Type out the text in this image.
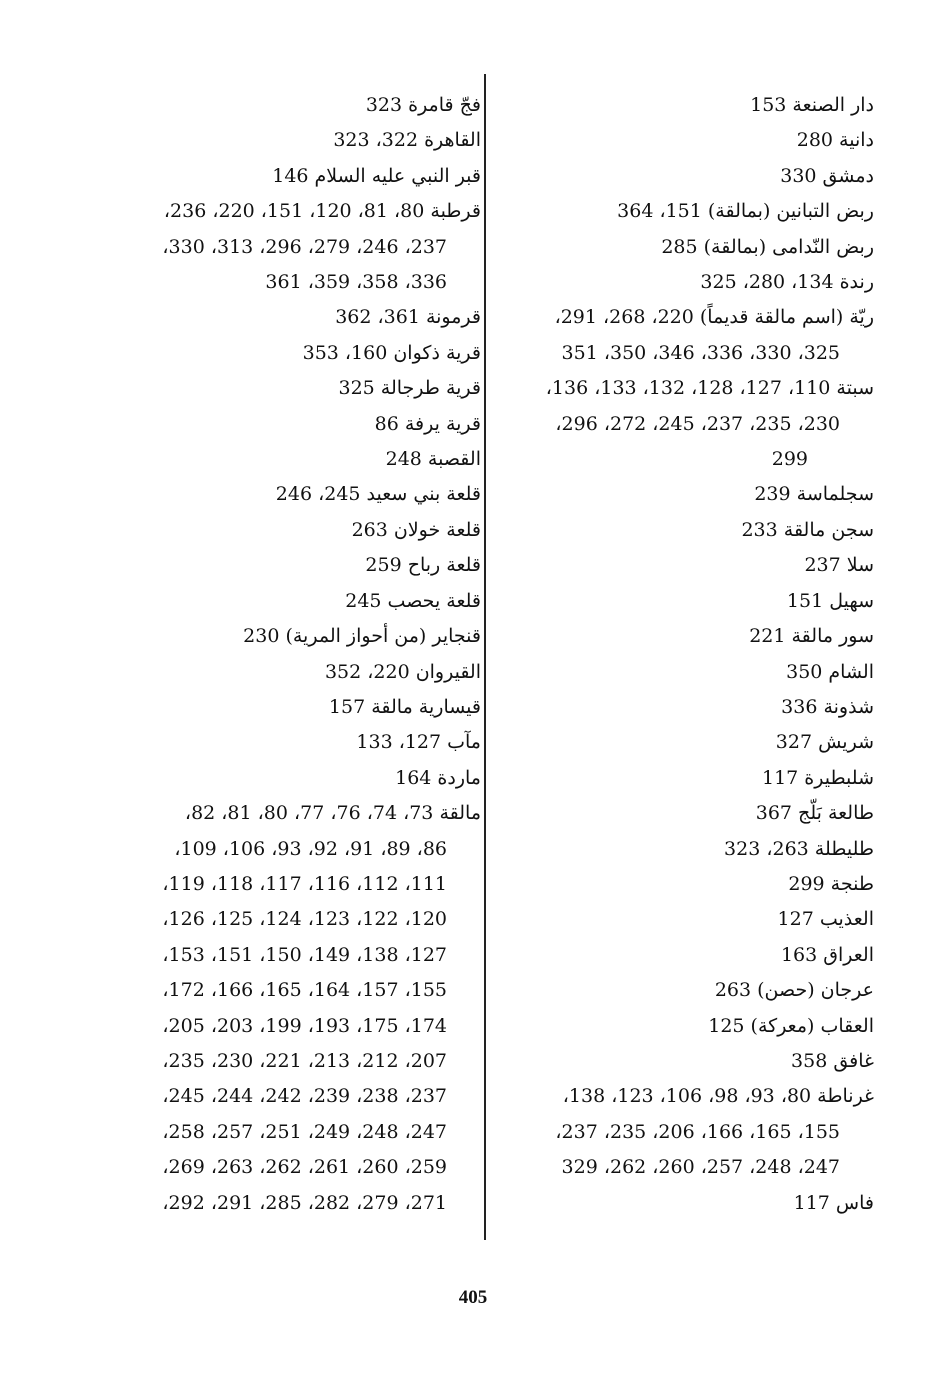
دار الصنعة 153
دانية 280
دمشق 330
ربض التبانين (بمالقة) 151، 364
ربض النّدامى (بمالقة) 285
رندة 134، 280، 325
ريّة (اسم مالقة قديماً) 220، 268، 291،
325، 330، 336، 346، 350، 351
سبتة 110، 127، 128، 132، 133، 136،
230، 235، 237، 245، 272، 296،
299
سجلماسة 239
سجن مالقة 233
سلا 237
سهيل 151
سور مالقة 221
الشام 350
شذونة 336
شريش 327
شلبطيرة 117
طالعة بَلّج 367
طليطلة 263، 323
طنجة 299
العذيب 127
العراق 163
عرجان (حصن) 263
العقاب (معركة) 125
غافق 358
غرناطة 80، 93، 98، 106، 123، 138،
155، 165، 166، 206، 235، 237،
247، 248، 257، 260، 262، 329
فاس 117
فجّ قامرة 323
القاهرة 322، 323
قبر النبي عليه السلام 146
قرطبة 80، 81، 120، 151، 220، 236،
237، 246، 279، 296، 313، 330،
336، 358، 359، 361
قرمونة 361، 362
قرية ذكوان 160، 353
قرية طرجالة 325
قرية يرفة 86
القصبة 248
قلعة بني سعيد 245، 246
قلعة خولان 263
قلعة رباح 259
قلعة يحصب 245
قنجاير (من أحواز المرية) 230
القيروان 220، 352
قيسارية مالقة 157
مآب 127، 133
ماردة 164
مالقة 73، 74، 76، 77، 80، 81، 82،
86، 89، 91، 92، 93، 106، 109،
111، 112، 116، 117، 118، 119،
120، 122، 123، 124، 125، 126،
127، 138، 149، 150، 151، 153،
155، 157، 164، 165، 166، 172،
174، 175، 193، 199، 203، 205،
207، 212، 213، 221، 230، 235،
237، 238، 239، 242، 244، 245،
247، 248، 249، 251، 257، 258،
259، 260، 261، 262، 263، 269،
271، 279، 282، 285، 291، 292،
405
